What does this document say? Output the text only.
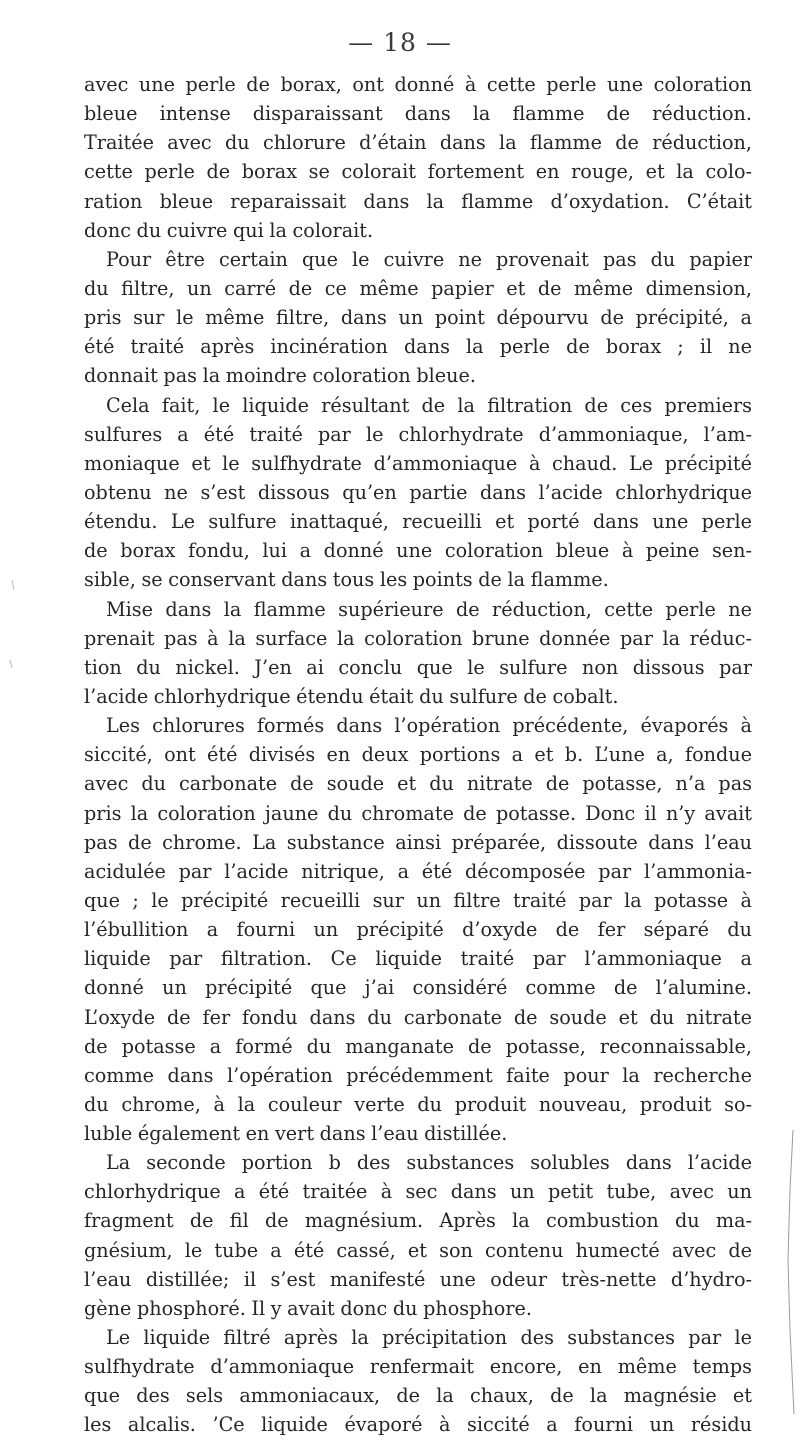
— 18 —
avec une perle de borax, ont donné à cette perle une coloration
bleue intense disparaissant dans la flamme de réduction.
Traitée avec du chlorure d’étain dans la flamme de réduction,
cette perle de borax se colorait fortement en rouge, et la colo-
ration bleue reparaissait dans la flamme d’oxydation. C’était
donc du cuivre qui la colorait.
Pour être certain que le cuivre ne provenait pas du papier
du filtre, un carré de ce même papier et de même dimension,
pris sur le même filtre, dans un point dépourvu de précipité, a
été traité après incinération dans la perle de borax ; il ne
donnait pas la moindre coloration bleue.
Cela fait, le liquide résultant de la filtration de ces premiers
sulfures a été traité par le chlorhydrate d’ammoniaque, l’am-
moniaque et le sulfhydrate d’ammoniaque à chaud. Le précipité
obtenu ne s’est dissous qu’en partie dans l’acide chlorhydrique
étendu. Le sulfure inattaqué, recueilli et porté dans une perle
de borax fondu, lui a donné une coloration bleue à peine sen-
sible, se conservant dans tous les points de la flamme.
Mise dans la flamme supérieure de réduction, cette perle ne
prenait pas à la surface la coloration brune donnée par la réduc-
tion du nickel. J’en ai conclu que le sulfure non dissous par
l’acide chlorhydrique étendu était du sulfure de cobalt.
Les chlorures formés dans l’opération précédente, évaporés à
siccité, ont été divisés en deux portions a et b. L’une a, fondue
avec du carbonate de soude et du nitrate de potasse, n’a pas
pris la coloration jaune du chromate de potasse. Donc il n’y avait
pas de chrome. La substance ainsi préparée, dissoute dans l’eau
acidulée par l’acide nitrique, a été décomposée par l’ammonia-
que ; le précipité recueilli sur un filtre traité par la potasse à
l’ébullition a fourni un précipité d’oxyde de fer séparé du
liquide par filtration. Ce liquide traité par l’ammoniaque a
donné un précipité que j’ai considéré comme de l’alumine.
L’oxyde de fer fondu dans du carbonate de soude et du nitrate
de potasse a formé du manganate de potasse, reconnaissable,
comme dans l’opération précédemment faite pour la recherche
du chrome, à la couleur verte du produit nouveau, produit so-
luble également en vert dans l’eau distillée.
La seconde portion b des substances solubles dans l’acide
chlorhydrique a été traitée à sec dans un petit tube, avec un
fragment de fil de magnésium. Après la combustion du ma-
gnésium, le tube a été cassé, et son contenu humecté avec de
l’eau distillée; il s’est manifesté une odeur très-nette d’hydro-
gène phosphoré. Il y avait donc du phosphore.
Le liquide filtré après la précipitation des substances par le
sulfhydrate d’ammoniaque renfermait encore, en même temps
que des sels ammoniacaux, de la chaux, de la magnésie et
les alcalis. ’Ce liquide évaporé à siccité a fourni un résidu
